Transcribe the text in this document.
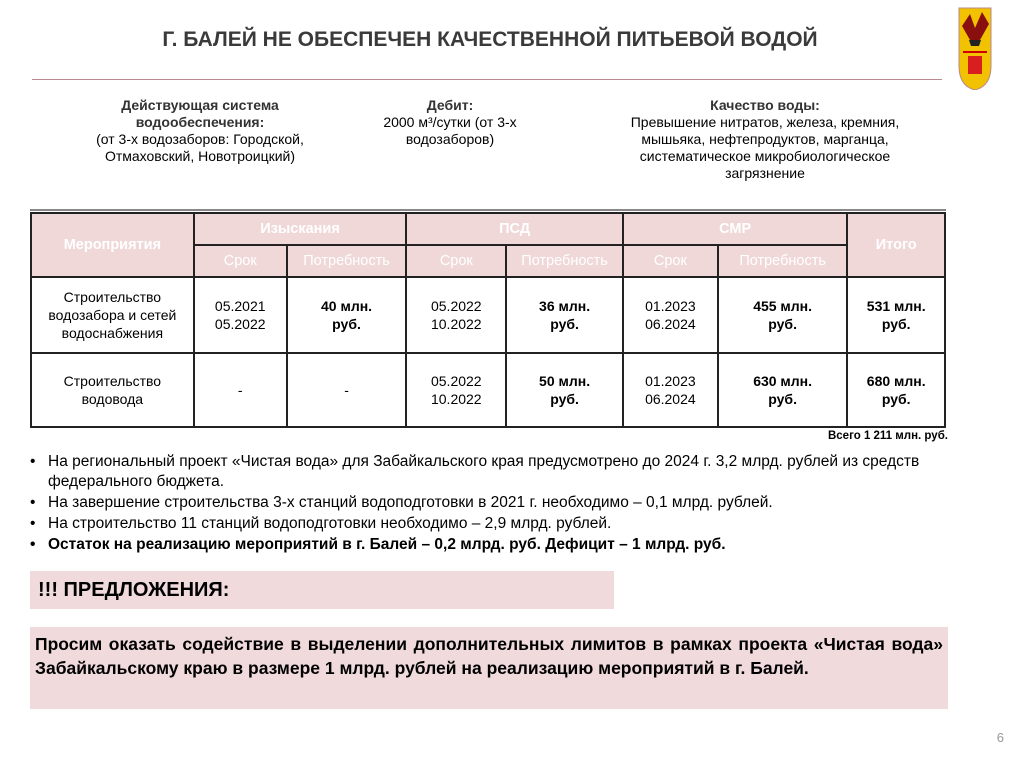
Г. БАЛЕЙ НЕ ОБЕСПЕЧЕН КАЧЕСТВЕННОЙ ПИТЬЕВОЙ ВОДОЙ
Действующая система водообеспечения:
(от 3-х водозаборов: Городской, Отмаховский, Новотроицкий)
Дебит:
2000 м³/сутки (от 3-х водозаборов)
Качество воды:
Превышение нитратов, железа, кремния, мышьяка, нефтепродуктов, марганца, систематическое микробиологическое загрязнение
Мероприятия	Изыскания		ПСД		СМР		Итого
	Срок	Потребность	Срок	Потребность	Срок	Потребность	
Строительство водозабора и сетей водоснабжения	05.2021 05.2022	40 млн. руб.	05.2022 10.2022	36 млн. руб.	01.2023 06.2024	455 млн. руб.	531 млн. руб.
Строительство водовода	-	-	05.2022 10.2022	50 млн. руб.	01.2023 06.2024	630 млн. руб.	680 млн. руб.
Всего 1 211 млн. руб.
• На региональный проект «Чистая вода» для Забайкальского края предусмотрено до 2024 г. 3,2 млрд. рублей из средств федерального бюджета.
• На завершение строительства 3-х станций водоподготовки в 2021 г. необходимо – 0,1 млрд. рублей.
• На строительство 11 станций водоподготовки необходимо – 2,9 млрд. рублей.
• Остаток на реализацию мероприятий в г. Балей – 0,2 млрд. руб. Дефицит – 1 млрд. руб.
!!! ПРЕДЛОЖЕНИЯ:
Просим оказать содействие в выделении дополнительных лимитов в рамках проекта «Чистая вода» Забайкальскому краю в размере 1 млрд. рублей на реализацию мероприятий в г. Балей.
6
